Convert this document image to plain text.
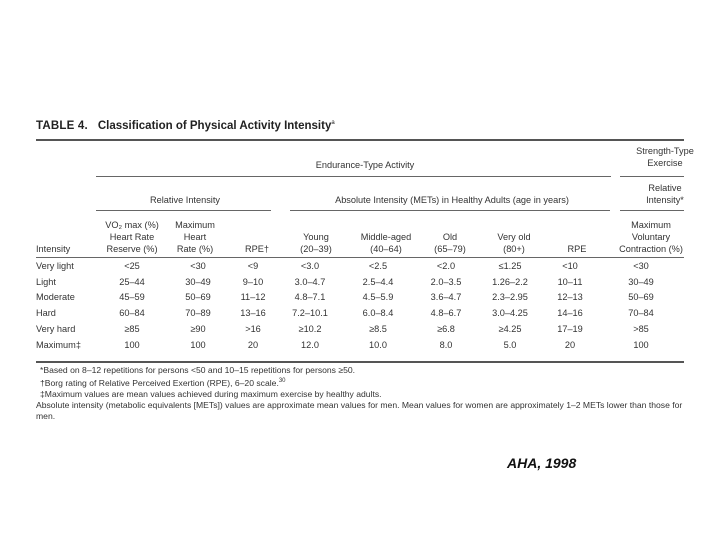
TABLE 4. Classification of Physical Activity Intensity$^a$
Endurance-Type Activity
Strength-Type
Exercise
Relative Intensity	Absolute Intensity (METs) in Healthy Adults (age in years)
Relative
Intensity*
Intensity
VO₂ max (%)
Heart Rate
Reserve (%)
Maximum
Heart
Rate (%)	RPE†
Young
(20–39)
Middle-aged
(40–64)
Old
(65–79)
Very old
(80+)	RPE
Maximum
Voluntary
Contraction (%)
Very light	<25	<30	<9	<3.0	<2.5	<2.0	≤1.25	<10	<30
Light	25–44	30–49	9–10	3.0–4.7	2.5–4.4	2.0–3.5	1.26–2.2	10–11	30–49
Moderate	45–59	50–69	11–12	4.8–7.1	4.5–5.9	3.6–4.7	2.3–2.95	12–13	50–69
Hard	60–84	70–89	13–16	7.2–10.1	6.0–8.4	4.8–6.7	3.0–4.25	14–16	70–84
Very hard	≥85	≥90	>16	≥10.2	≥8.5	≥6.8	≥4.25	17–19	>85
Maximum‡	100	100	20	12.0	10.0	8.0	5.0	20	100
*Based on 8–12 repetitions for persons <50 and 10–15 repetitions for persons ≥50.
†Borg rating of Relative Perceived Exertion (RPE), 6–20 scale.$^{30}$
‡Maximum values are mean values achieved during maximum exercise by healthy adults.
Absolute intensity (metabolic equivalents [METs]) values are approximate mean values for men. Mean values for women are approximately 1–2 METs lower than those for men.
AHA, 1998
